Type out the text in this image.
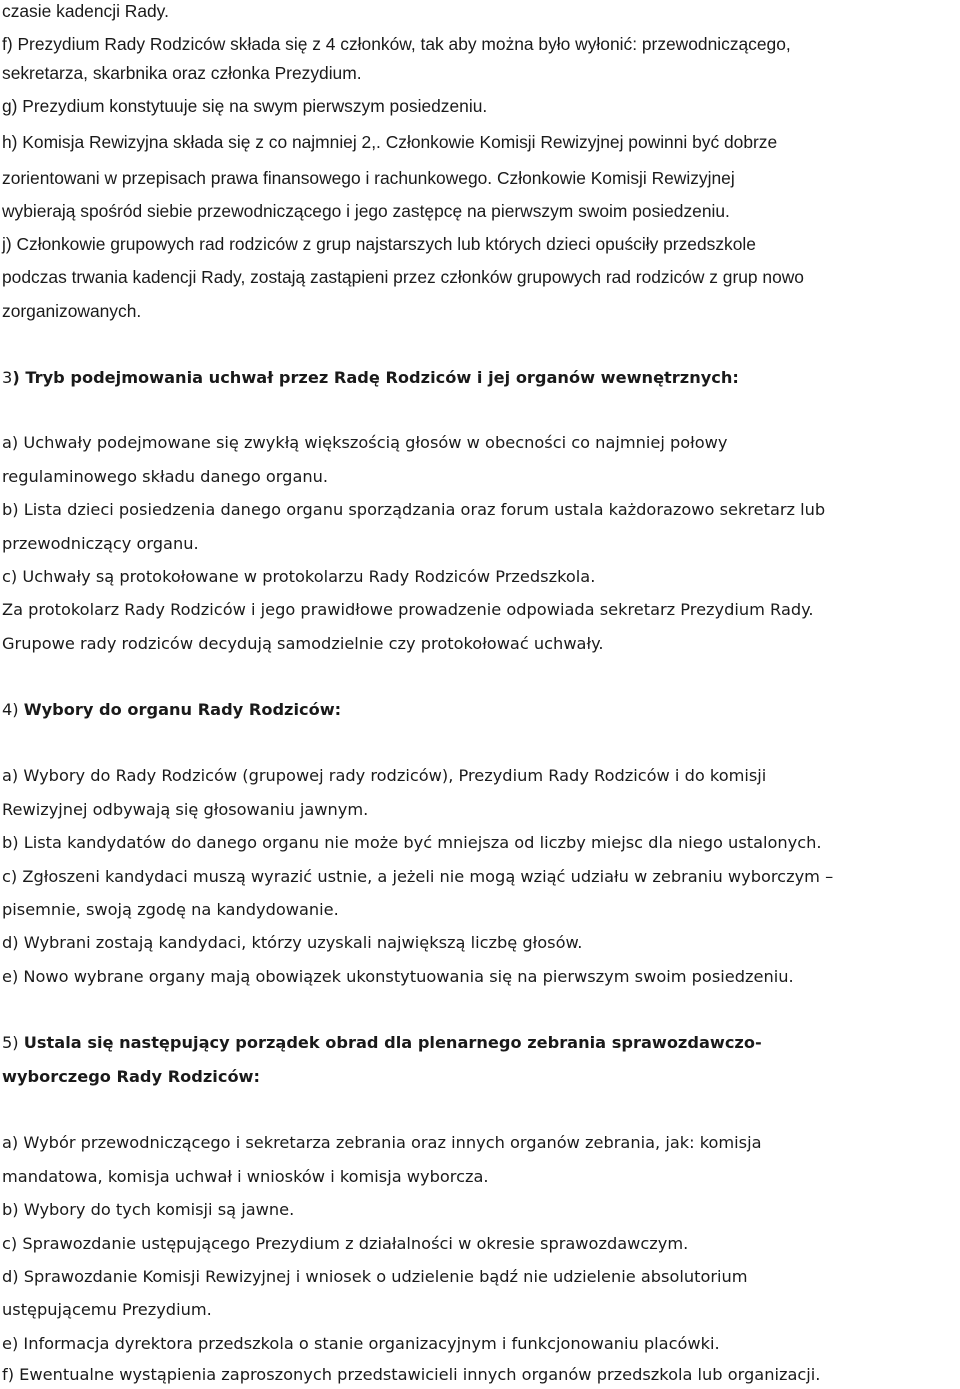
czasie kadencji Rady.
f) Prezydium Rady Rodziców składa się z 4 członków, tak aby można było wyłonić: przewodniczącego,
sekretarza, skarbnika oraz członka Prezydium.
g) Prezydium konstytuuje się na swym pierwszym posiedzeniu.
h) Komisja Rewizyjna składa się z co najmniej 2,. Członkowie Komisji Rewizyjnej powinni być dobrze
zorientowani w przepisach prawa finansowego i rachunkowego. Członkowie Komisji Rewizyjnej
wybierają spośród siebie przewodniczącego i jego zastępcę na pierwszym swoim posiedzeniu.
j) Członkowie grupowych rad rodziców z grup najstarszych lub których dzieci opuściły przedszkole
podczas trwania kadencji Rady, zostają zastąpieni przez członków grupowych rad rodziców z grup nowo
zorganizowanych.
3) Tryb podejmowania uchwał przez Radę Rodziców i jej organów wewnętrznych:
a) Uchwały podejmowane się zwykłą większością głosów w obecności co najmniej połowy
regulaminowego składu danego organu.
b) Lista dzieci posiedzenia danego organu sporządzania oraz forum ustala każdorazowo sekretarz lub
przewodniczący organu.
c) Uchwały są protokołowane w protokolarzu Rady Rodziców Przedszkola.
Za protokolarz Rady Rodziców i jego prawidłowe prowadzenie odpowiada sekretarz Prezydium Rady.
Grupowe rady rodziców decydują samodzielnie czy protokołować uchwały.
4) Wybory do organu Rady Rodziców:
a) Wybory do Rady Rodziców (grupowej rady rodziców), Prezydium Rady Rodziców i do komisji
Rewizyjnej odbywają się głosowaniu jawnym.
b) Lista kandydatów do danego organu nie może być mniejsza od liczby miejsc dla niego ustalonych.
c) Zgłoszeni kandydaci muszą wyrazić ustnie, a jeżeli nie mogą wziąć udziału w zebraniu wyborczym –
pisemnie, swoją zgodę na kandydowanie.
d) Wybrani zostają kandydaci, którzy uzyskali największą liczbę głosów.
e) Nowo wybrane organy mają obowiązek ukonstytuowania się na pierwszym swoim posiedzeniu.
5) Ustala się następujący porządek obrad dla plenarnego zebrania sprawozdawczo-
wyborczego Rady Rodziców:
a) Wybór przewodniczącego i sekretarza zebrania oraz innych organów zebrania, jak: komisja
mandatowa, komisja uchwał i wniosków i komisja wyborcza.
b) Wybory do tych komisji są jawne.
c) Sprawozdanie ustępującego Prezydium z działalności w okresie sprawozdawczym.
d) Sprawozdanie Komisji Rewizyjnej i wniosek o udzielenie bądź nie udzielenie absolutorium
ustępującemu Prezydium.
e) Informacja dyrektora przedszkola o stanie organizacyjnym i funkcjonowaniu placówki.
f) Ewentualne wystąpienia zaproszonych przedstawicieli innych organów przedszkola lub organizacji.
